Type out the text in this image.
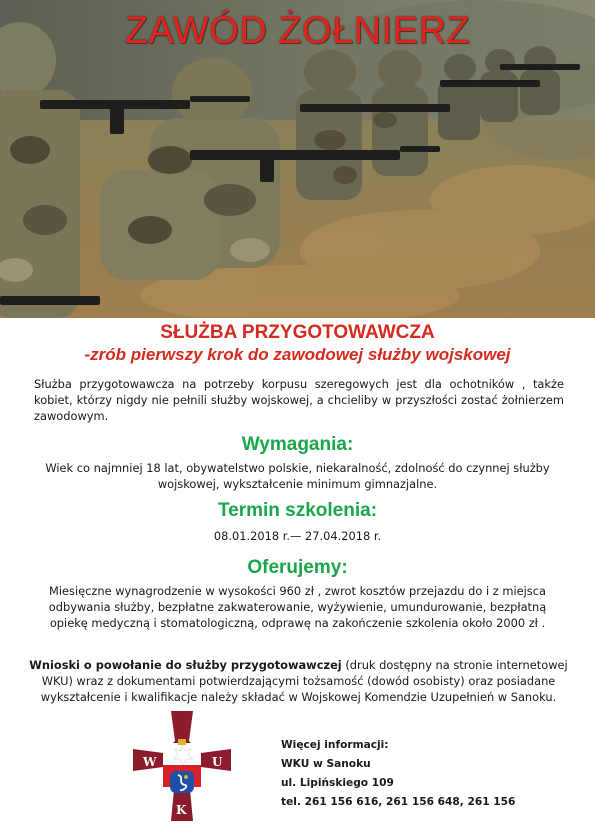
ZAWÓD ŻOŁNIERZ
SŁUŻBA PRZYGOTOWAWCZA
-zrób pierwszy krok do zawodowej służby wojskowej

Służba przygotowawcza na potrzeby korpusu szeregowych jest dla ochotników , także kobiet, którzy nigdy nie pełnili służby wojskowej, a chcieliby w przyszłości zostać żołnierzem zawodowym.

Wymagania:

Wiek co najmniej 18 lat, obywatelstwo polskie, niekaralność, zdolność do czynnej służby wojskowej, wykształcenie minimum gimnazjalne.

Termin szkolenia:

08.01.2018 r.— 27.04.2018 r.

Oferujemy:

Miesięczne wynagrodzenie w wysokości 960 zł , zwrot kosztów przejazdu do i z miejsca odbywania służby, bezpłatne zakwaterowanie, wyżywienie, umundurowanie, bezpłatną opiekę medyczną i stomatologiczną, odprawę na zakończenie szkolenia około 2000 zł .

Wnioski o powołanie do służby przygotowawczej (druk dostępny na stronie internetowej WKU) wraz z dokumentami potwierdzającymi tożsamość (dowód osobisty) oraz posiadane wykształcenie i kwalifikacje należy składać w Wojskowej Komendzie Uzupełnień w Sanoku.

W
K
U
Więcej informacji:
WKU w Sanoku
ul. Lipińskiego 109
tel. 261 156 616, 261 156 648, 261 156
